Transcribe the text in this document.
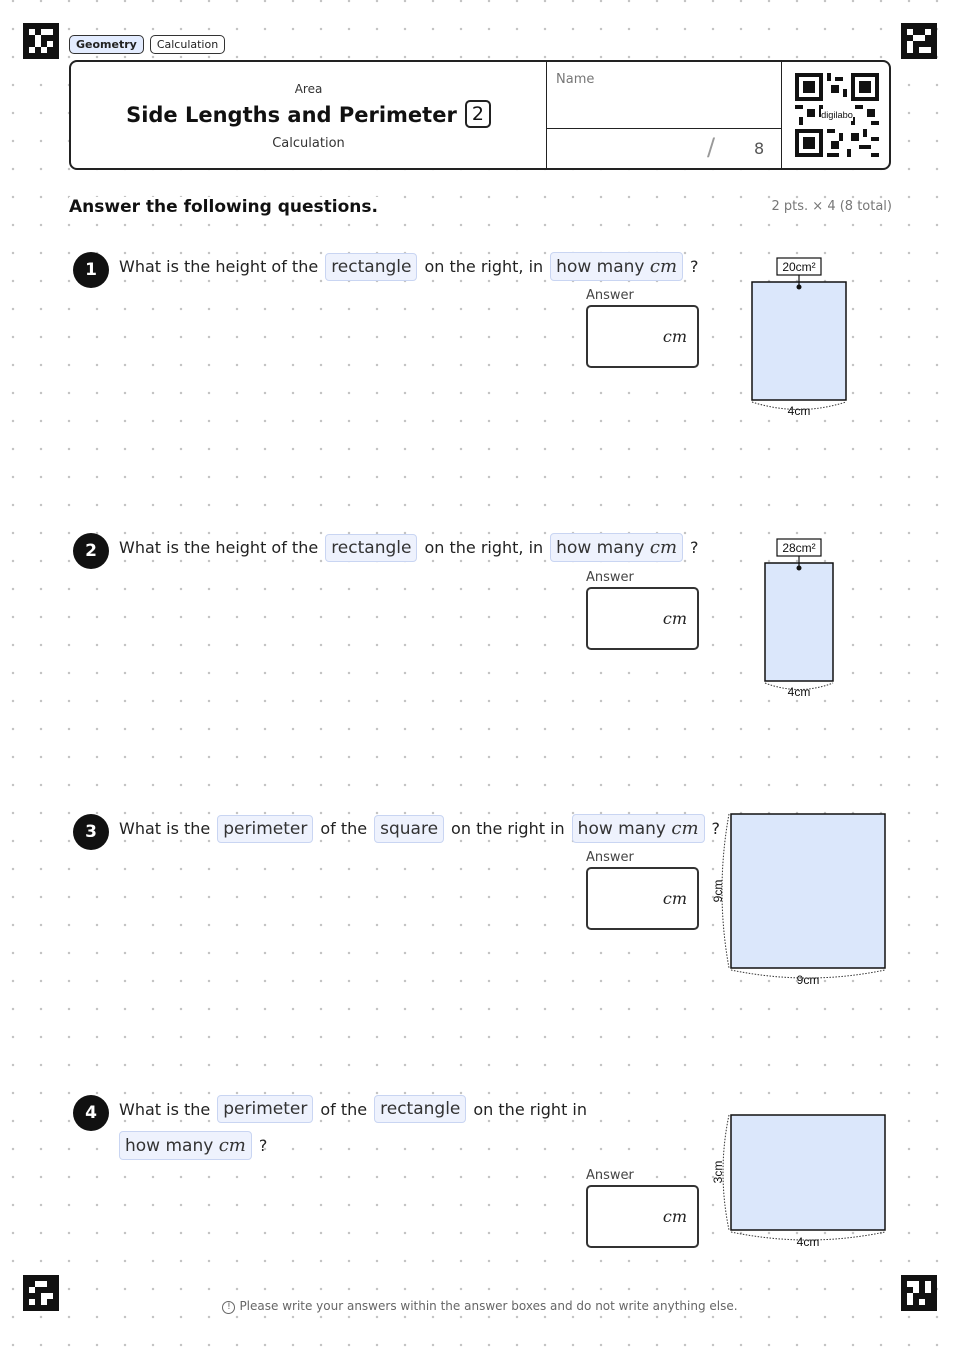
Geometry	Calculation
Area
Side Lengths and Perimeter 2
Calculation
Name
/ 8
digilabo
Answer the following questions.	2 pts. × 4 (8 total)
1	What is the height of the rectangle on the right, in how many cm ?
Answer
cm
20cm²
4cm
2	What is the height of the rectangle on the right, in how many cm ?
Answer
cm
28cm²
4cm
3	What is the perimeter of the square on the right in how many cm ?
Answer
cm 9cm
9cm
4	What is the perimeter of the rectangle on the right in
how many cm ?
Answer
cm
3cm
4cm
! Please write your answers within the answer boxes and do not write anything else.
